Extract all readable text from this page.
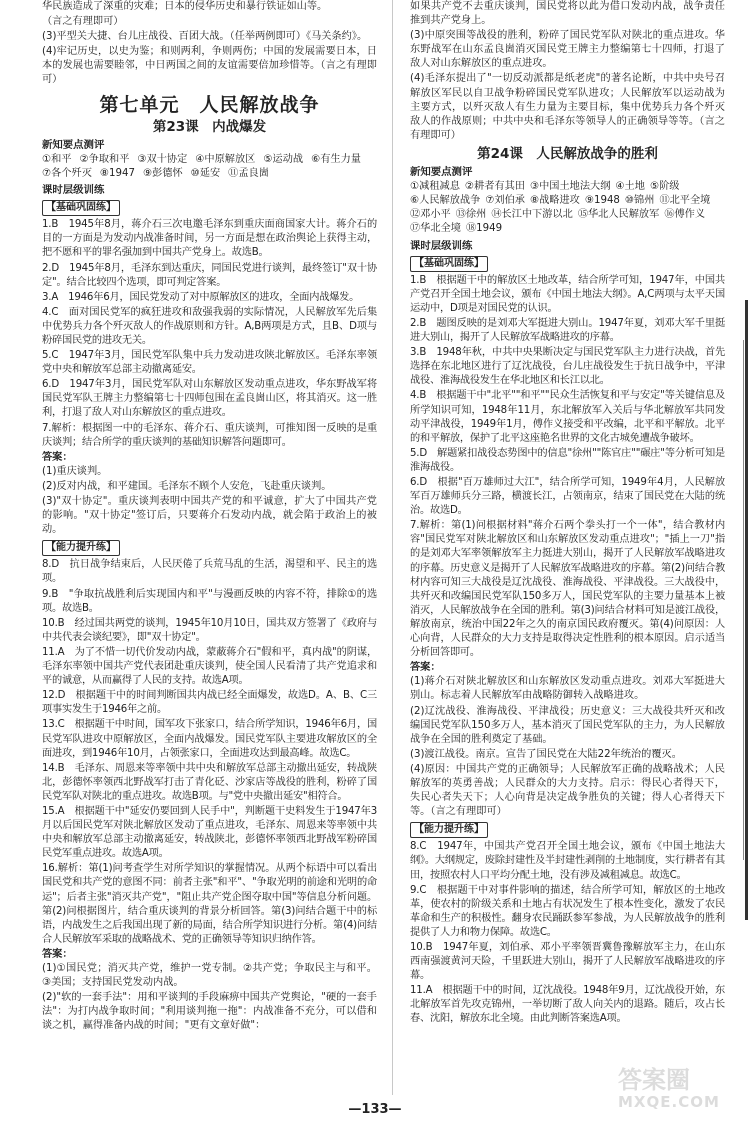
华民族造成了深重的灾难；日本的侵华历史和暴行铁证如山等。

（言之有理即可）

(3)平型关大捷、台儿庄战役、百团大战。（任举两例即可）《马关条约》。

(4)牢记历史，以史为鉴；和则两利，争则两伤；中国的发展需要日本，日本的发展也需要睦邻，中日两国之间的友谊需要倍加珍惜等。（言之有理即可）

第七单元　人民解放战争
第23课　内战爆发
新知要点测评
①和平 ②争取和平 ③双十协定 ④中原解放区 ⑤运动战 ⑥有生力量
⑦各个歼灭 ⑧1947 ⑨彭德怀 ⑩延安 ⑪孟良崮
课时层级训练
【基础巩固练】

1.B　1945年8月，蒋介石三次电邀毛泽东到重庆面商国家大计。蒋介石的目的一方面是为发动内战准备时间，另一方面是想在政治舆论上获得主动，把不愿和平的罪名强加到中国共产党身上。故选B。

2.D　1945年8月，毛泽东到达重庆，同国民党进行谈判，最终签订"双十协定"。结合比较四个选项，即可判定答案。

3.A　1946年6月，国民党发动了对中原解放区的进攻，全面内战爆发。

4.C　面对国民党军的疯狂进攻和敌强我弱的实际情况，人民解放军先后集中优势兵力各个歼灭敌人的作战原则和方针。A,B两项是方式，且B、D项与粉碎国民党的进攻无关。

5.C　1947年3月，国民党军队集中兵力发动进攻陕北解放区。毛泽东率领党中央和解放军总部主动撤离延安。

6.D　1947年3月，国民党军队对山东解放区发动重点进攻，华东野战军将国民党军队王牌主力整编第七十四师包围在孟良崮山区，将其消灭。这一胜利，打退了敌人对山东解放区的重点进攻。

7.解析：根据图一中的毛泽东、蒋介石、重庆谈判，可推知图一反映的是重庆谈判；结合所学的重庆谈判的基础知识解答问题即可。

答案：

(1)重庆谈判。

(2)反对内战，和平建国。毛泽东不顾个人安危，飞赴重庆谈判。

(3)"双十协定"。重庆谈判表明中国共产党的和平诚意，扩大了中国共产党的影响。"双十协定"签订后，只要蒋介石发动内战，就会陷于政治上的被动。

【能力提升练】

8.D　抗日战争结束后，人民厌倦了兵荒马乱的生活，渴望和平、民主的选项。

9.B　"争取抗战胜利后实现国内和平"与漫画反映的内容不符，排除①的选项。故选B。

10.B　经过国共两党的谈判，1945年10月10日，国共双方签署了《政府与中共代表会谈纪要》，即"双十协定"。

11.A　为了不惜一切代价发动内战，蒙蔽蒋介石"假和平，真内战"的阴谋，毛泽东率领中国共产党代表团赴重庆谈判，使全国人民看清了共产党追求和平的诚意，从而赢得了人民的支持。故选A项。

12.D　根据题干中的时间判断国共内战已经全面爆发，故选D。A、B、C三项事实发生于1946年之前。

13.C　根据题干中时间，国军攻下张家口，结合所学知识，1946年6月，国民党军队进攻中原解放区，全面内战爆发。国民党军队主要进攻解放区的全面进攻，到1946年10月，占领张家口，全面进攻达到最高峰。故选C。

14.B　毛泽东、周恩来等率领中共中央和解放军总部主动撤出延安，转战陕北，彭德怀率领西北野战军打击了青化砭、沙家店等战役的胜利，粉碎了国民党军队对陕北的重点进攻。故选B项。与"党中央撤出延安"相符合。

15.A　根据题干中"延安仍要回到人民手中"，判断题干史料发生于1947年3月以后国民党军对陕北解放区发动了重点进攻，毛泽东、周恩来等率领中共中央和解放军总部主动撤离延安，转战陕北，彭德怀率领西北野战军粉碎国民党军重点进攻。故选A项。

16.解析：第(1)问考查学生对所学知识的掌握情况。从两个标语中可以看出国民党和共产党的意图不同：前者主张"和平"、"争取光明的前途和光明的命运"；后者主张"消灭共产党"，"阻止共产党企图夺取中国"等信息分析问题。第(2)问根据图片，结合重庆谈判的背景分析回答。第(3)问结合题干中的标语，内战发生之后我国出现了新的局面，结合所学知识进行分析。第(4)问结合人民解放军采取的战略战术、党的正确领导等知识归纳作答。

答案：

(1)①国民党；消灭共产党，维护一党专制。②共产党；争取民主与和平。③美国；支持国民党发动内战。

(2)"软的一套手法"：用和平谈判的手段麻痹中国共产党舆论，"硬的一套手法"：为打内战争取时间；"利用谈判拖一拖"：内战准备不充分，可以借和谈之机，赢得准备内战的时间；"更有文章好做"：

如果共产党不去重庆谈判，国民党将以此为借口发动内战，战争责任推到共产党身上。

(3)中原突围等战役的胜利，粉碎了国民党军队对陕北的重点进攻。华东野战军在山东孟良崮消灭国民党王牌主力整编第七十四师，打退了敌人对山东解放区的重点进攻。

(4)毛泽东提出了"一切反动派都是纸老虎"的著名论断，中共中央号召解放区军民以自卫战争粉碎国民党军队进攻；人民解放军以运动战为主要方式，以歼灭敌人有生力量为主要目标，集中优势兵力各个歼灭敌人的作战原则；中共中央和毛泽东等领导人的正确领导等等。（言之有理即可）

第24课　人民解放战争的胜利
新知要点测评
①减租减息 ②耕者有其田 ③中国土地法大纲 ④土地 ⑤阶级
⑥人民解放战争 ⑦刘伯承 ⑧战略进攻 ⑨1948 ⑩锦州 ⑪北平全境
⑫邓小平 ⑬徐州 ⑭长江中下游以北 ⑮华北人民解放军 ⑯傅作义
⑰华北全境 ⑱1949
课时层级训练
【基础巩固练】

1.B　根据题干中的解放区土地改革，结合所学可知，1947年，中国共产党召开全国土地会议，颁布《中国土地法大纲》。A,C两项与太平天国运动中，D项是对国民党的认识。

2.B　题图反映的是刘邓大军挺进大别山。1947年夏，刘邓大军千里挺进大别山，揭开了人民解放军战略进攻的序幕。

3.B　1948年秋，中共中央果断决定与国民党军队主力进行决战，首先选择在东北地区进行了辽沈战役，台儿庄战役发生于抗日战争中，平津战役、淮海战役发生在华北地区和长江以北。

4.B　根据题干中"北平""和平""民众生活恢复和平与安定"等关键信息及所学知识可知，1948年11月，东北解放军入关后与华北解放军共同发动平津战役，1949年1月，傅作义接受和平改编，北平和平解放。北平的和平解放，保护了北平这座艳名世界的文化古城免遭战争破坏。

5.D　解题紧扣战役态势图中的信息"徐州""陈官庄""碾庄"等分析可知是淮海战役。

6.D　根据"百万雄师过大江"，结合所学可知，1949年4月，人民解放军百万雄师兵分三路，横渡长江，占领南京，结束了国民党在大陆的统治。故选D。

7.解析：第(1)问根据材料"蒋介石两个拳头打一个一体"，结合教材内容"国民党军对陕北解放区和山东解放区发动重点进攻"；"插上一刀"指的是刘邓大军率领解放军主力挺进大别山，揭开了人民解放军战略进攻的序幕。历史意义是揭开了人民解放军战略进攻的序幕。第(2)问结合教材内容可知三大战役是辽沈战役、淮海战役、平津战役。三大战役中，共歼灭和改编国民党军队150多万人，国民党军队的主要力量基本上被消灭，人民解放战争在全国的胜利。第(3)问结合材料可知是渡江战役，解放南京，统治中国22年之久的南京国民政府覆灭。第(4)问原因：人心向背，人民群众的大力支持是取得决定性胜利的根本原因。启示适当分析回答即可。

答案：

(1)蒋介石对陕北解放区和山东解放区发动重点进攻。刘邓大军挺进大别山。标志着人民解放军由战略防御转入战略进攻。

(2)辽沈战役、淮海战役、平津战役；历史意义：三大战役共歼灭和改编国民党军队150多万人，基本消灭了国民党军队的主力，为人民解放战争在全国的胜利奠定了基础。

(3)渡江战役。南京。宣告了国民党在大陆22年统治的覆灭。

(4)原因：中国共产党的正确领导；人民解放军正确的战略战术；人民解放军的英勇善战；人民群众的大力支持。启示：得民心者得天下，失民心者失天下；人心向背是决定战争胜负的关键；得人心者得天下等。（言之有理即可）

【能力提升练】

8.C　1947年，中国共产党召开全国土地会议，颁布《中国土地法大纲》。大纲规定，废除封建性及半封建性剥削的土地制度，实行耕者有其田，按照农村人口平均分配土地，没有涉及减租减息。故选C。

9.C　根据题干中对事件影响的描述，结合所学可知，解放区的土地改革，使农村的阶级关系和土地占有状况发生了根本性变化，激发了农民革命和生产的积极性。翻身农民踊跃参军参战，为人民解放战争的胜利提供了人力和物力保障。故选C。

10.B　1947年夏，刘伯承、邓小平率领晋冀鲁豫解放军主力，在山东西南强渡黄河天险，千里跃进大别山，揭开了人民解放军战略进攻的序幕。

11.A　根据题干中的时间，辽沈战役。1948年9月，辽沈战役开始，东北解放军首先攻克锦州，一举切断了敌人向关内的退路。随后，攻占长春、沈阳，解放东北全境。由此判断答案选A项。

—133—
答案圈
MXQE.COM
